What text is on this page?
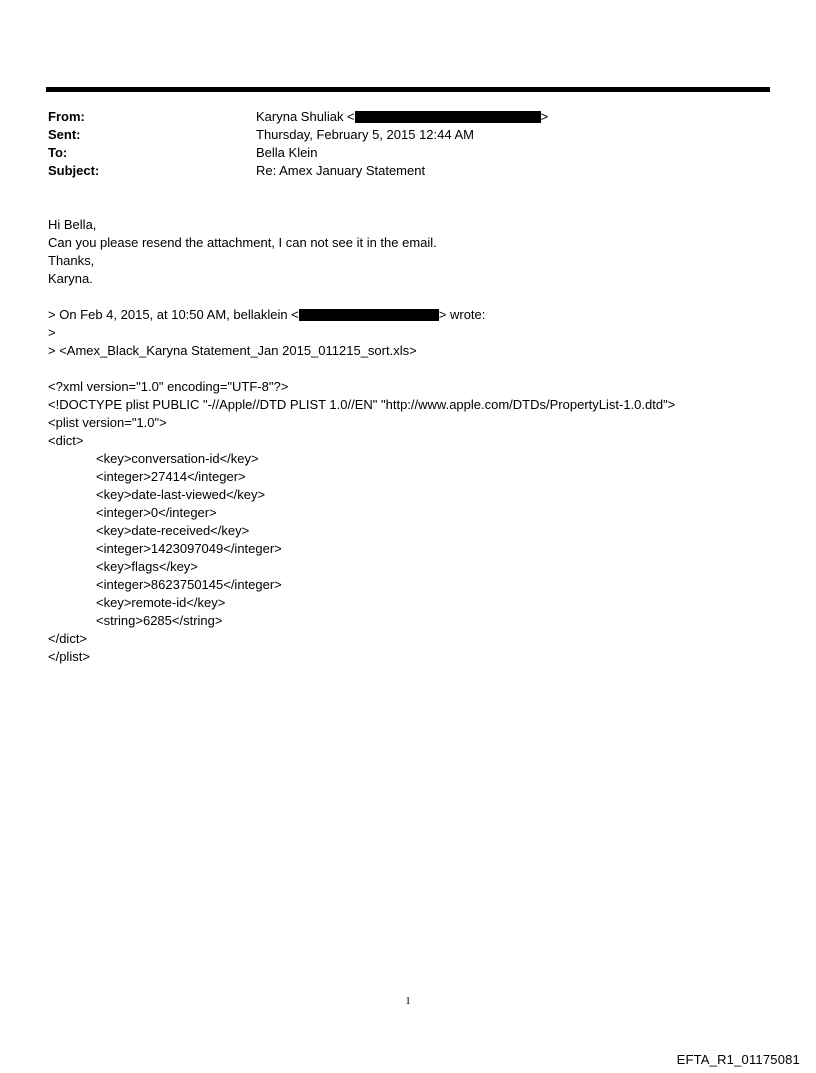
From:	Karyna Shuliak <	>
Sent:	Thursday, February 5, 2015 12:44 AM
To:	Bella Klein
Subject:	Re: Amex January Statement
Hi Bella,
Can you please resend the attachment, I can not see it in the email.
Thanks,
Karyna.
> On Feb 4, 2015, at 10:50 AM, bellaklein <	> wrote:
>
> <Amex_Black_Karyna Statement_Jan 2015_011215_sort.xls>
<?xml version="1.0" encoding="UTF-8"?>
<!DOCTYPE plist PUBLIC "-//Apple//DTD PLIST 1.0//EN" "http://www.apple.com/DTDs/PropertyList-1.0.dtd">
<plist version="1.0">
<dict>
<key>conversation-id</key>
<integer>27414</integer>
<key>date-last-viewed</key>
<integer>0</integer>
<key>date-received</key>
<integer>1423097049</integer>
<key>flags</key>
<integer>8623750145</integer>
<key>remote-id</key>
<string>6285</string>
</dict>
</plist>
1
EFTA_R1_01175081
